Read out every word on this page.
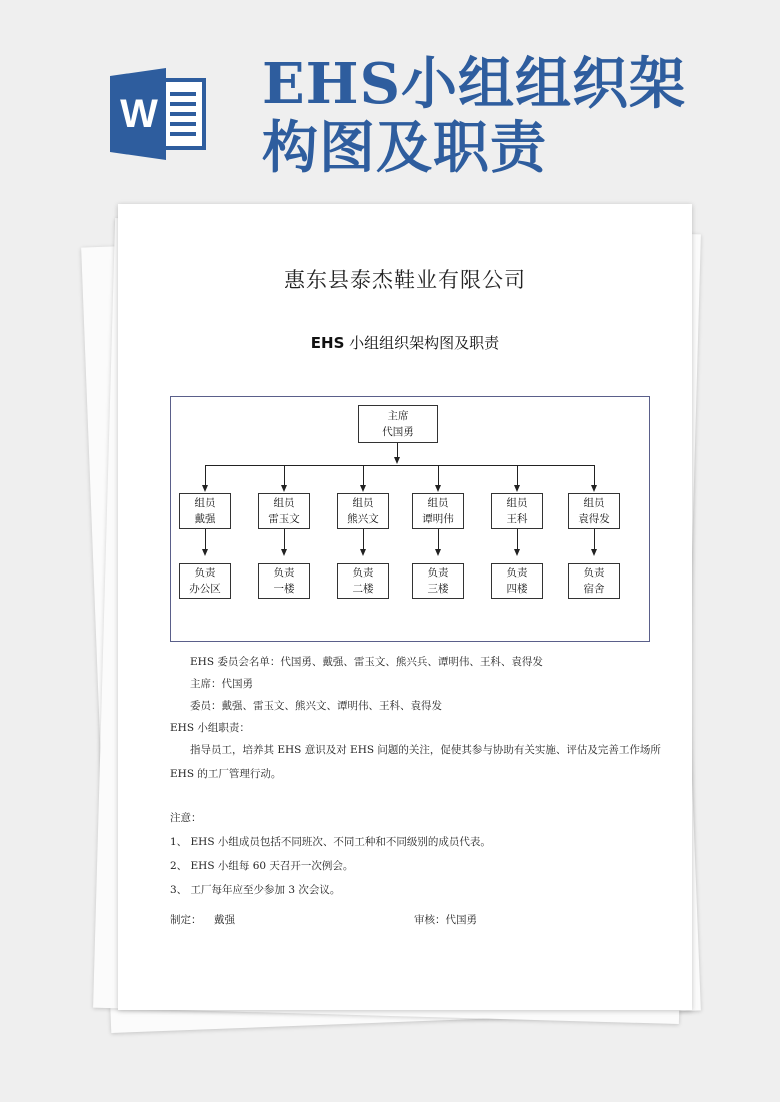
W EHS小组组织架
构图及职责
惠东县泰杰鞋业有限公司
EHS 小组组织架构图及职责
主席
代国勇
组员
戴强
负责
办公区
组员
雷玉文
负责
一楼
组员
熊兴文
负责
二楼
组员
谭明伟
负责
三楼
组员
王科
负责
四楼
组员
袁得发
负责
宿舍
EHS 委员会名单：代国勇、戴强、雷玉文、熊兴兵、谭明伟、王科、袁得发
主席：代国勇
委员：戴强、雷玉文、熊兴文、谭明伟、王科、袁得发
EHS 小组职责：
指导员工，培养其 EHS 意识及对 EHS 问题的关注，促使其参与协助有关实施、评估及完善工作场所
EHS 的工厂管理行动。
注意：
1、 EHS 小组成员包括不同班次、不同工种和不同级别的成员代表。
2、 EHS 小组每 60 天召开一次例会。
3、 工厂每年应至少参加 3 次会议。
制定： 戴强	审核：代国勇
